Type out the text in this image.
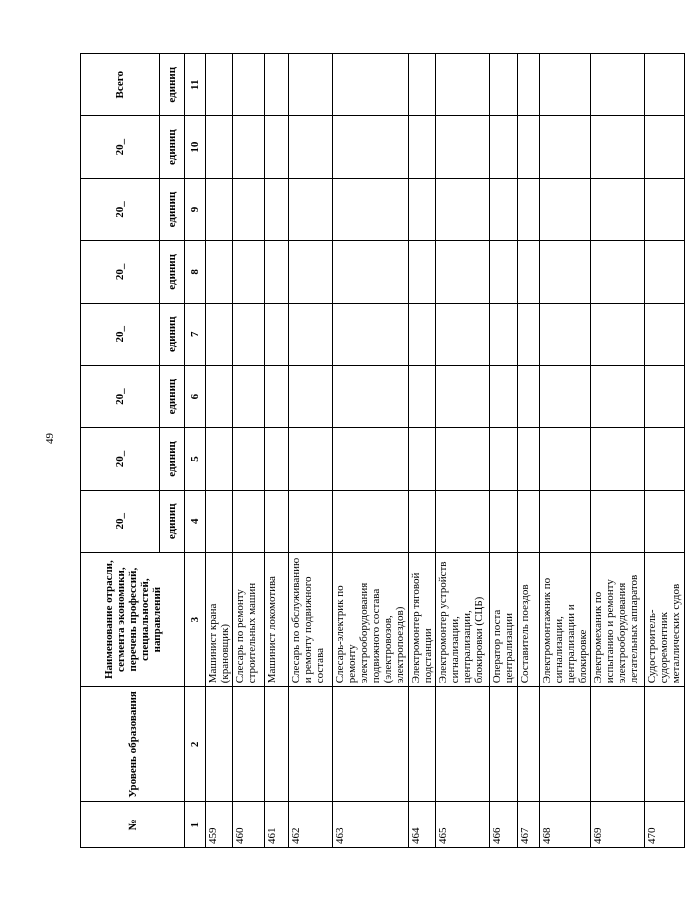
49
№	Уровень образования	Наименование отрасли, сегмента экономики, перечень профессий, специальностей, направлений	20_	20_	20_	20_	20_	20_	20_	Всего
			единиц	единиц	единиц	единиц	единиц	единиц	единиц	единиц
1	2	3	4	5	6	7	8	9	10	11
459		Машинист крана (крановщик)								
460		Слесарь по ремонту строительных машин								
461		Машинист локомотива								
462		Слесарь по обслуживанию и ремонту подвижного состава								
463		Слесарь-электрик по ремонту электрооборудования подвижного состава (электровозов, электропоездов)								
464		Электромонтер тяговой подстанции								
465		Электромонтер устройств сигнализации, централизации, блокировки (СЦБ)								
466		Оператор поста централизации								
467		Составитель поездов								
468		Электромонтажник по сигнализации, централизации и блокировке								
469		Электромеханик по испытанию и ремонту электрооборудования летательных аппаратов								
470		Судостроитель-судоремонтник металлических судов								
